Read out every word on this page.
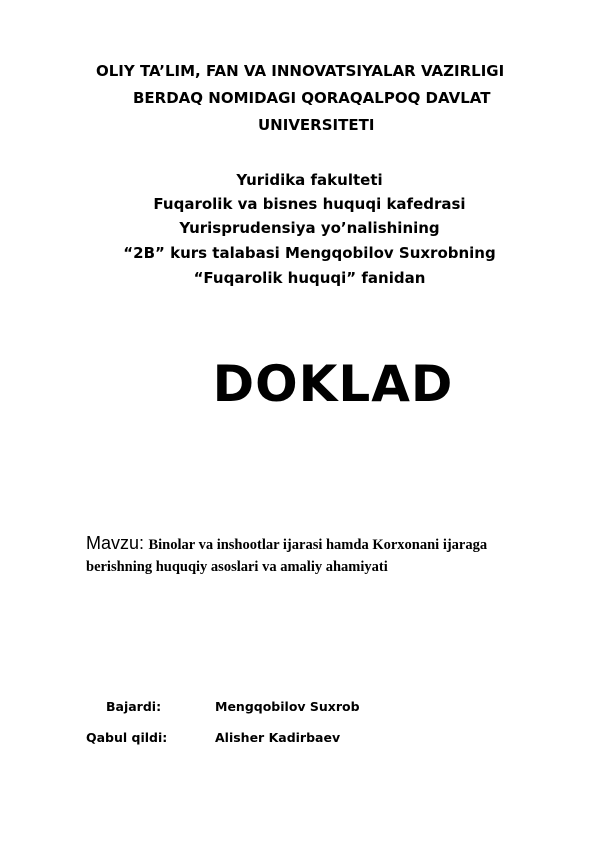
OLIY TA’LIM, FAN VA INNOVATSIYALAR VAZIRLIGI
BERDAQ NOMIDAGI QORAQALPOQ DAVLAT
UNIVERSITETI
Yuridika fakulteti
Fuqarolik va bisnes huquqi kafedrasi
Yurisprudensiya yo’nalishining
“2B” kurs talabasi Mengqobilov Suxrobning
“Fuqarolik huquqi” fanidan
DOKLAD
Mavzu: Binolar va inshootlar ijarasi hamda Korxonani ijaraga berishning huquqiy asoslari va amaliy ahamiyati
Bajardi:	Mengqobilov Suxrob
Qabul qildi:	Alisher Kadirbaev
